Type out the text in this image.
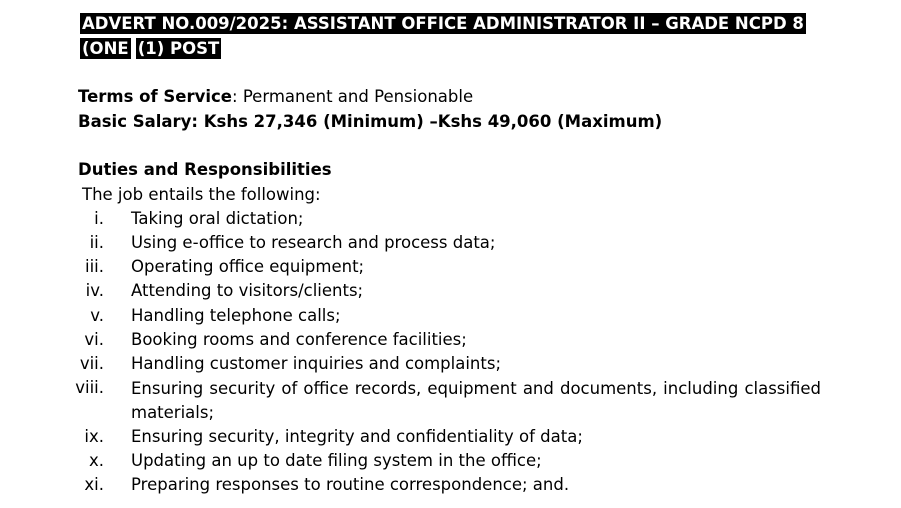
ADVERT NO.009/2025: ASSISTANT OFFICE ADMINISTRATOR II – GRADE NCPD 8
(ONE (1) POST
Terms of Service: Permanent and Pensionable
Basic Salary: Kshs 27,346 (Minimum) –Kshs 49,060 (Maximum)
Duties and Responsibilities
The job entails the following:
i. Taking oral dictation;
ii. Using e-office to research and process data;
iii. Operating office equipment;
iv. Attending to visitors/clients;
v. Handling telephone calls;
vi. Booking rooms and conference facilities;
vii. Handling customer inquiries and complaints;
viii. Ensuring security of office records, equipment and documents, including classified materials;
ix. Ensuring security, integrity and confidentiality of data;
x. Updating an up to date filing system in the office;
xi. Preparing responses to routine correspondence; and.
